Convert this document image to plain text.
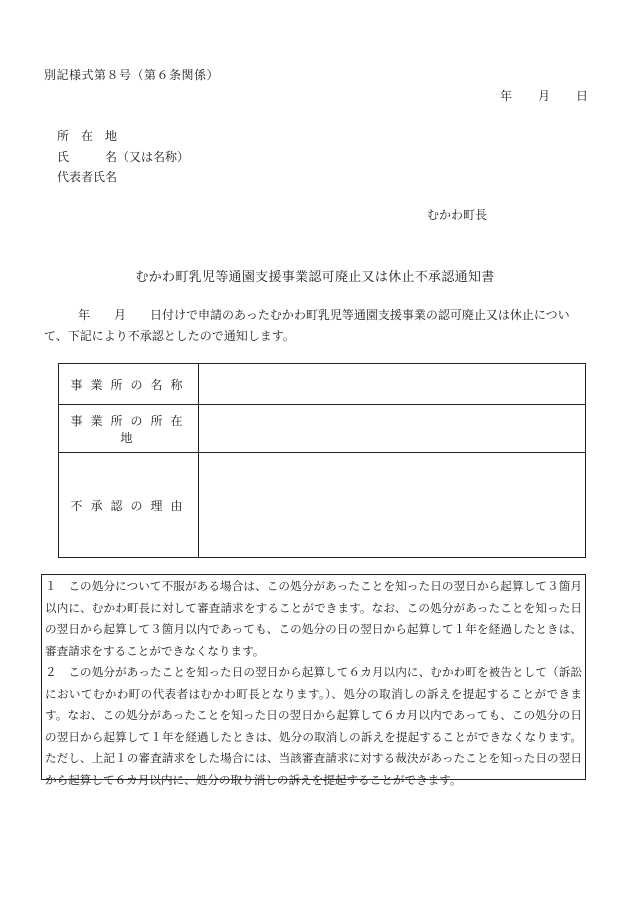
別記様式第８号（第６条関係）
年 月 日
所　在　地
氏　　　名（又は名称）
代表者氏名
むかわ町長
むかわ町乳児等通園支援事業認可廃止又は休止不承認通知書
年　　月　　日付けで申請のあったむかわ町乳児等通園支援事業の認可廃止又は休止について、下記により不承認としたので通知します。
事業所の名称	
事業所の所在地	
不承認の理由	

１　この処分について不服がある場合は、この処分があったことを知った日の翌日から起算して３箇月以内に、むかわ町長に対して審査請求をすることができます。なお、この処分があったことを知った日の翌日から起算して３箇月以内であっても、この処分の日の翌日から起算して１年を経過したときは、審査請求をすることができなくなります。

２　この処分があったことを知った日の翌日から起算して６カ月以内に、むかわ町を被告として（訴訟においてむかわ町の代表者はむかわ町長となります。）、処分の取消しの訴えを提起することができます。なお、この処分があったことを知った日の翌日から起算して６カ月以内であっても、この処分の日の翌日から起算して１年を経過したときは、処分の取消しの訴えを提起することができなくなります。ただし、上記１の審査請求をした場合には、当該審査請求に対する裁決があったことを知った日の翌日から起算して６カ月以内に、処分の取り消しの訴えを提起することができます。
